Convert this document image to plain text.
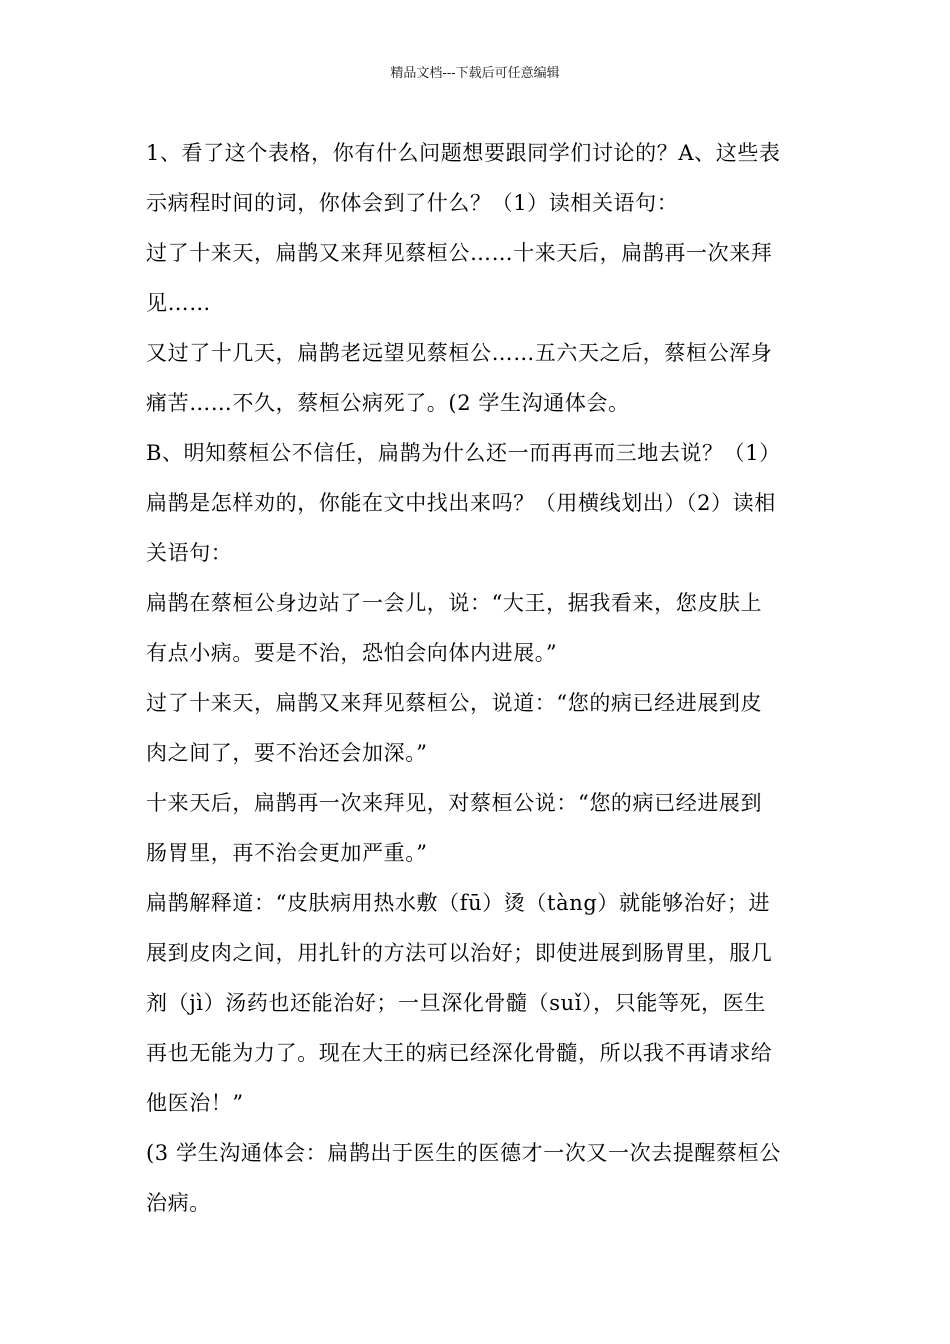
精品文档---下载后可任意编辑
1、看了这个表格，你有什么问题想要跟同学们讨论的？A、这些表
示病程时间的词，你体会到了什么？（1）读相关语句：
过了十来天，扁鹊又来拜见蔡桓公……十来天后，扁鹊再一次来拜
见……
又过了十几天，扁鹊老远望见蔡桓公……五六天之后，蔡桓公浑身
痛苦……不久，蔡桓公病死了。(2 学生沟通体会。
B、明知蔡桓公不信任，扁鹊为什么还一而再再而三地去说？（1）
扁鹊是怎样劝的，你能在文中找出来吗？（用横线划出）（2）读相
关语句：
扁鹊在蔡桓公身边站了一会儿，说：“大王，据我看来，您皮肤上
有点小病。要是不治，恐怕会向体内进展。”
过了十来天，扁鹊又来拜见蔡桓公，说道：“您的病已经进展到皮
肉之间了，要不治还会加深。”
十来天后，扁鹊再一次来拜见，对蔡桓公说：“您的病已经进展到
肠胃里，再不治会更加严重。”
扁鹊解释道：“皮肤病用热水敷（fū）烫（tàng）就能够治好；进
展到皮肉之间，用扎针的方法可以治好；即使进展到肠胃里，服几
剂（jì）汤药也还能治好；一旦深化骨髓（suǐ），只能等死，医生
再也无能为力了。现在大王的病已经深化骨髓，所以我不再请求给
他医治！”
(3 学生沟通体会：扁鹊出于医生的医德才一次又一次去提醒蔡桓公
治病。
